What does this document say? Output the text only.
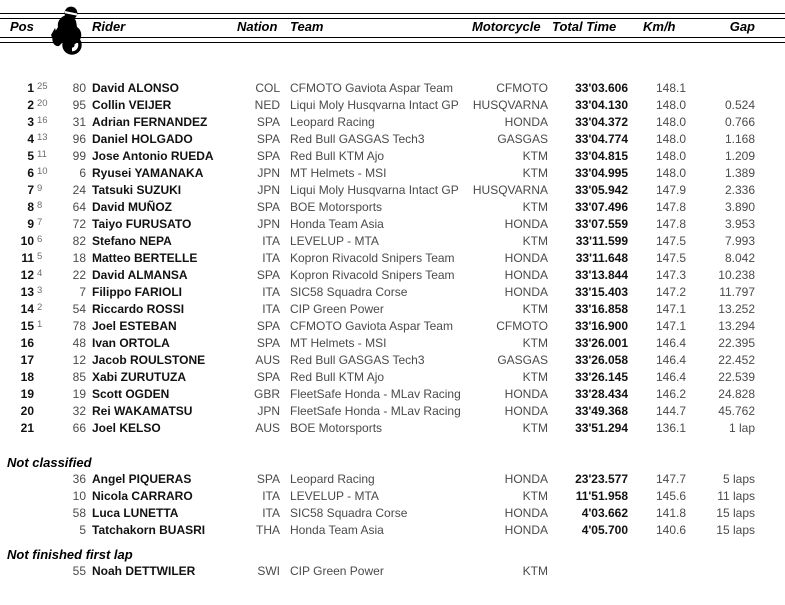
Pos	Rider	Nation Team	Motorcycle Total Time	Km/h	Gap
1 25	80 David ALONSO	COL CFMOTO Gaviota Aspar Team	CFMOTO	33'03.606	148.1
2 20	95 Collin VEIJER	NED Liqui Moly Husqvarna Intact GP	HUSQVARNA	33'04.130	148.0	0.524
3 16	31 Adrian FERNANDEZ	SPA Leopard Racing	HONDA	33'04.372	148.0	0.766
4 13	96 Daniel HOLGADO	SPA Red Bull GASGAS Tech3	GASGAS	33'04.774	148.0	1.168
5 11	99 Jose Antonio RUEDA	SPA Red Bull KTM Ajo	KTM	33'04.815	148.0	1.209
6 10	6 Ryusei YAMANAKA	JPN MT Helmets - MSI	KTM	33'04.995	148.0	1.389
7 9	24 Tatsuki SUZUKI	JPN Liqui Moly Husqvarna Intact GP	HUSQVARNA	33'05.942	147.9	2.336
8 8	64 David MUÑOZ	SPA BOE Motorsports	KTM	33'07.496	147.8	3.890
9 7	72 Taiyo FURUSATO	JPN Honda Team Asia	HONDA	33'07.559	147.8	3.953
10 6	82 Stefano NEPA	ITA LEVELUP - MTA	KTM	33'11.599	147.5	7.993
11 5	18 Matteo BERTELLE	ITA Kopron Rivacold Snipers Team	HONDA	33'11.648	147.5	8.042
12 4	22 David ALMANSA	SPA Kopron Rivacold Snipers Team	HONDA	33'13.844	147.3	10.238
13 3	7 Filippo FARIOLI	ITA SIC58 Squadra Corse	HONDA	33'15.403	147.2	11.797
14 2	54 Riccardo ROSSI	ITA CIP Green Power	KTM	33'16.858	147.1	13.252
15 1	78 Joel ESTEBAN	SPA CFMOTO Gaviota Aspar Team	CFMOTO	33'16.900	147.1	13.294
16	48 Ivan ORTOLA	SPA MT Helmets - MSI	KTM	33'26.001	146.4	22.395
17	12 Jacob ROULSTONE	AUS Red Bull GASGAS Tech3	GASGAS	33'26.058	146.4	22.452
18	85 Xabi ZURUTUZA	SPA Red Bull KTM Ajo	KTM	33'26.145	146.4	22.539
19	19 Scott OGDEN	GBR FleetSafe Honda - MLav Racing	HONDA	33'28.434	146.2	24.828
20	32 Rei WAKAMATSU	JPN FleetSafe Honda - MLav Racing	HONDA	33'49.368	144.7	45.762
21	66 Joel KELSO	AUS BOE Motorsports	KTM	33'51.294	136.1	1 lap
Not classified
36 Angel PIQUERAS	SPA Leopard Racing	HONDA	23'23.577	147.7	5 laps
10 Nicola CARRARO	ITA LEVELUP - MTA	KTM	11'51.958	145.6	11 laps
58 Luca LUNETTA	ITA SIC58 Squadra Corse	HONDA	4'03.662	141.8	15 laps
5 Tatchakorn BUASRI	THA Honda Team Asia	HONDA	4'05.700	140.6	15 laps
Not finished first lap
55 Noah DETTWILER	SWI CIP Green Power	KTM
